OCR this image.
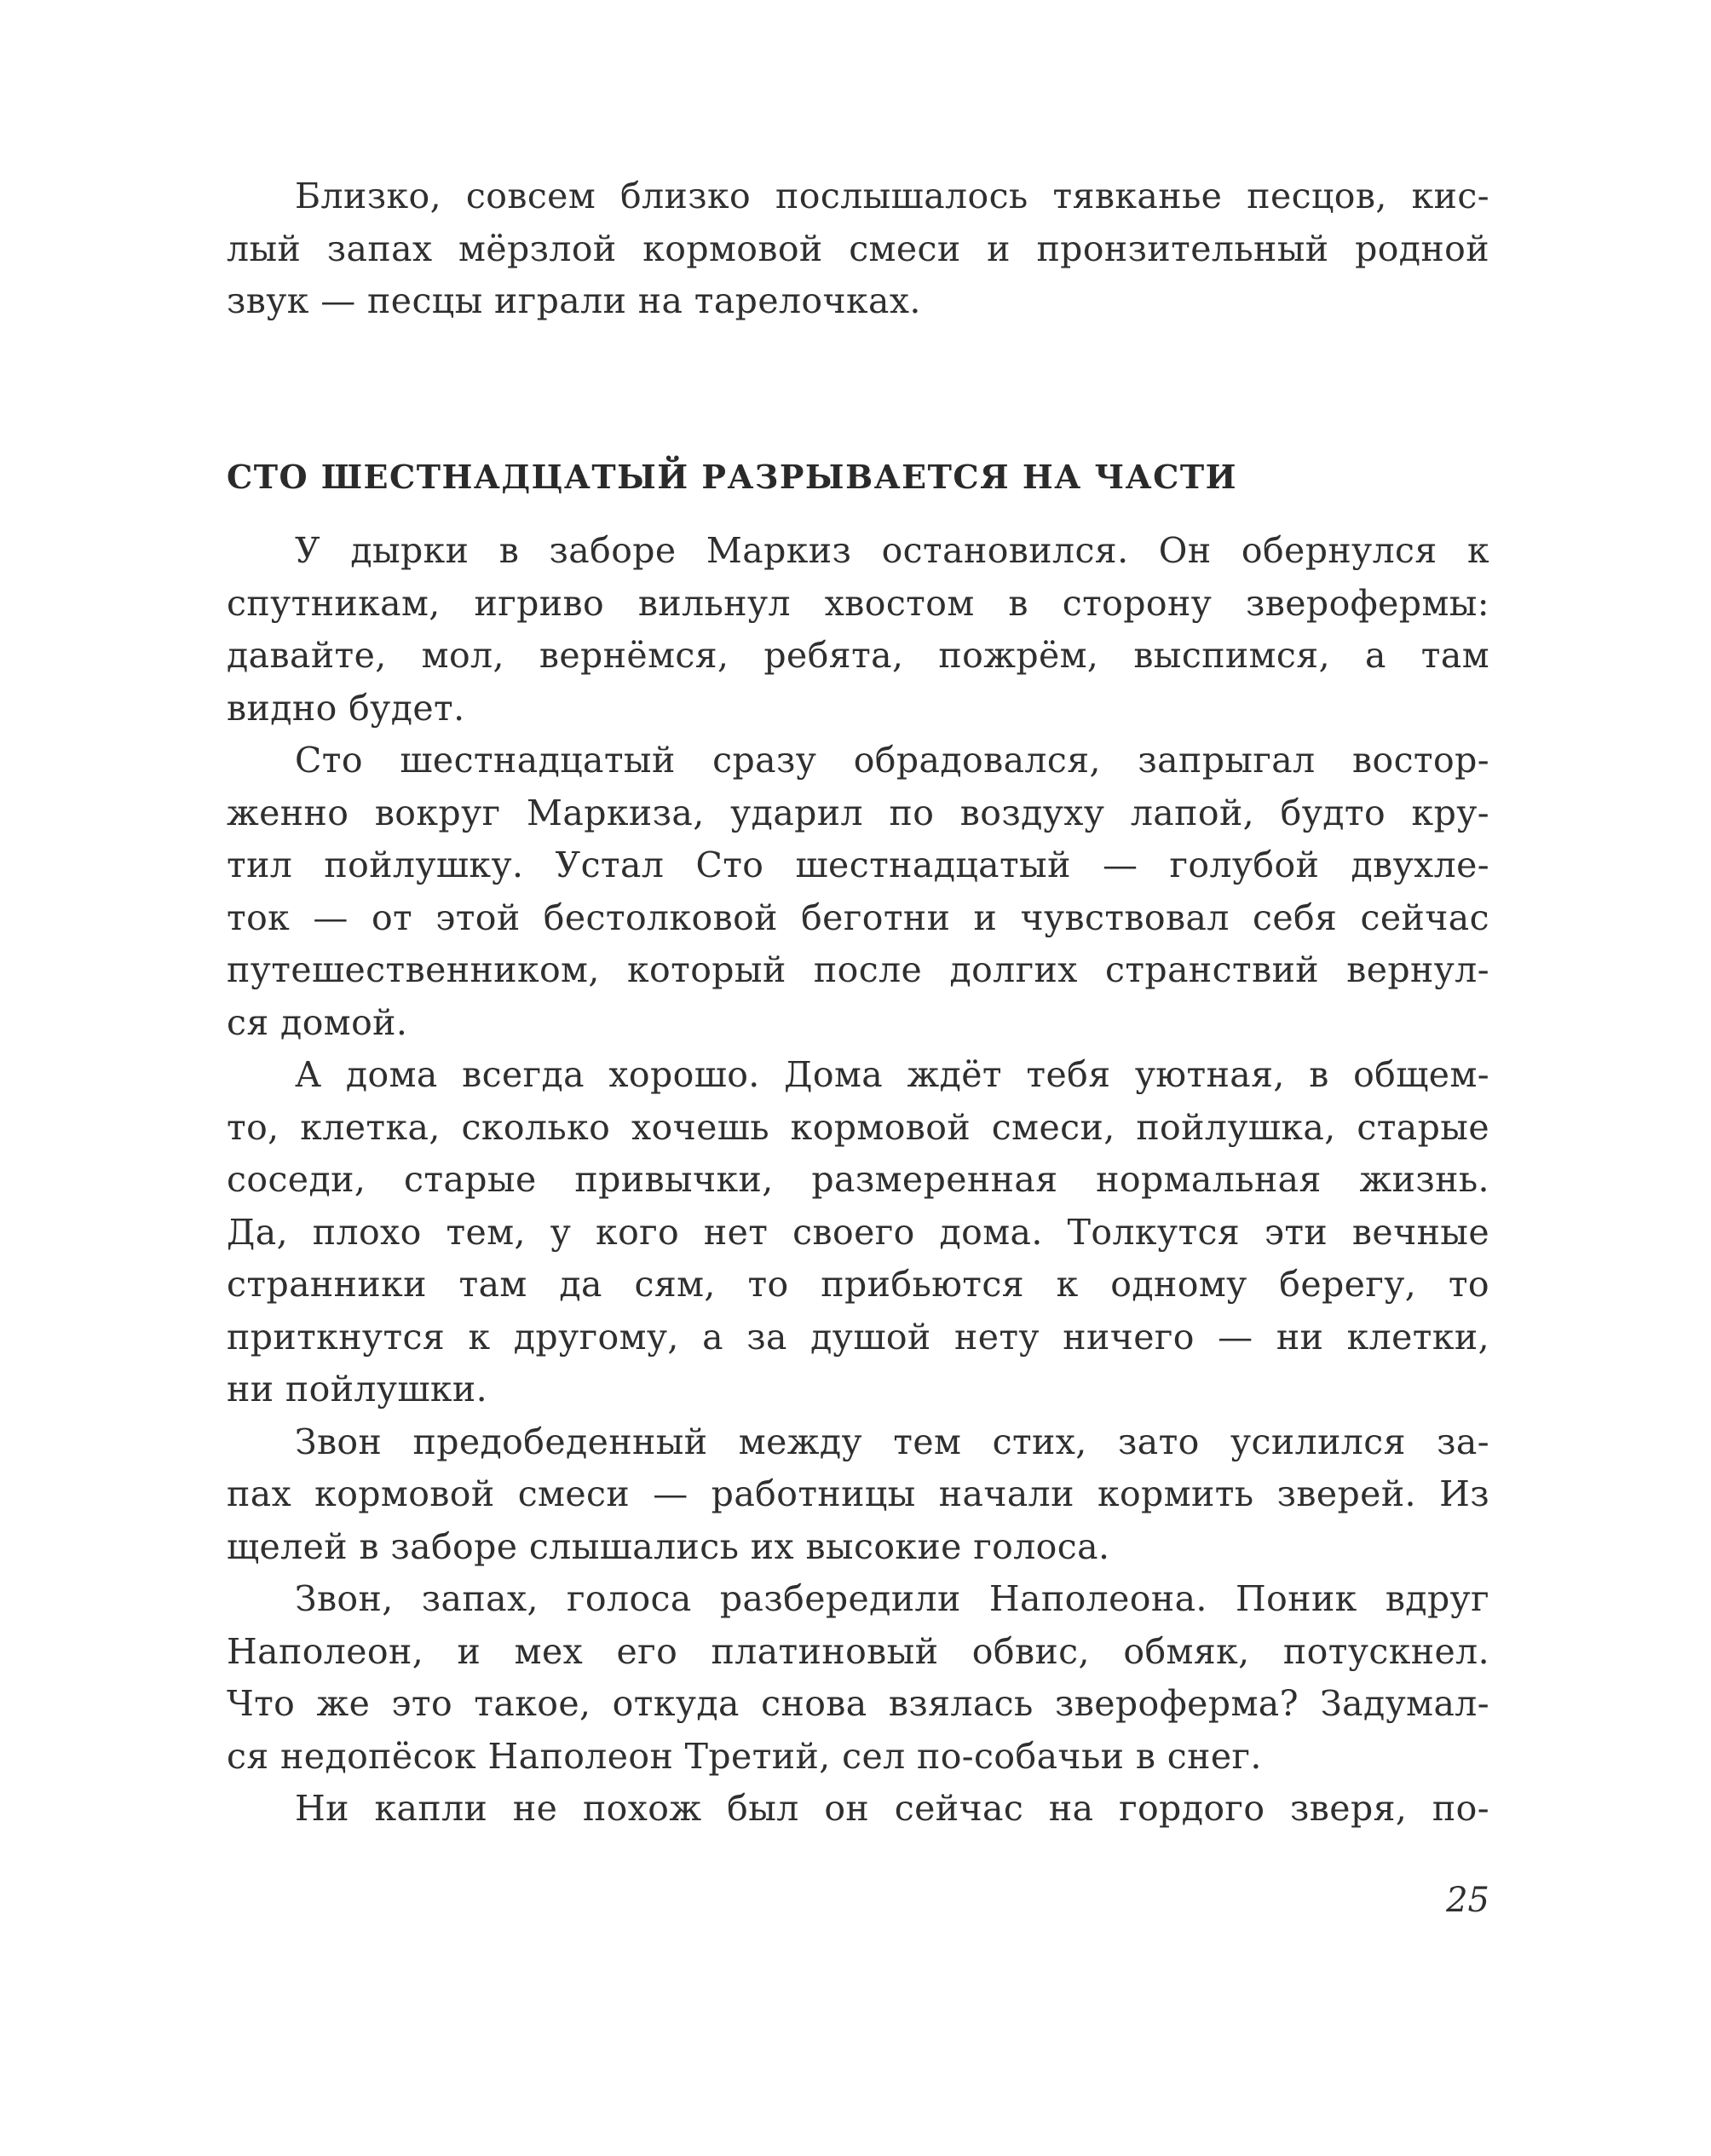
Близко, совсем близко послышалось тявканье песцов, кис-
лый запах мёрзлой кормовой смеси и пронзительный родной
звук — песцы играли на тарелочках.
СТО ШЕСТНАДЦАТЫЙ РАЗРЫВАЕТСЯ НА ЧАСТИ
У дырки в заборе Маркиз остановился. Он обернулся к
спутникам, игриво вильнул хвостом в сторону зверофермы:
давайте, мол, вернёмся, ребята, пожрём, выспимся, а там
видно будет.
Сто шестнадцатый сразу обрадовался, запрыгал востор-
женно вокруг Маркиза, ударил по воздуху лапой, будто кру-
тил пойлушку. Устал Сто шестнадцатый — голубой двухле-
ток — от этой бестолковой беготни и чувствовал себя сейчас
путешественником, который после долгих странствий вернул-
ся домой.
А дома всегда хорошо. Дома ждёт тебя уютная, в общем-
то, клетка, сколько хочешь кормовой смеси, пойлушка, старые
соседи, старые привычки, размеренная нормальная жизнь.
Да, плохо тем, у кого нет своего дома. Толкутся эти вечные
странники там да сям, то прибьются к одному берегу, то
приткнутся к другому, а за душой нету ничего — ни клетки,
ни пойлушки.
Звон предобеденный между тем стих, зато усилился за-
пах кормовой смеси — работницы начали кормить зверей. Из
щелей в заборе слышались их высокие голоса.
Звон, запах, голоса разбередили Наполеона. Поник вдруг
Наполеон, и мех его платиновый обвис, обмяк, потускнел.
Что же это такое, откуда снова взялась звероферма? Задумал-
ся недопёсок Наполеон Третий, сел по-собачьи в снег.
Ни капли не похож был он сейчас на гордого зверя, по-
25
